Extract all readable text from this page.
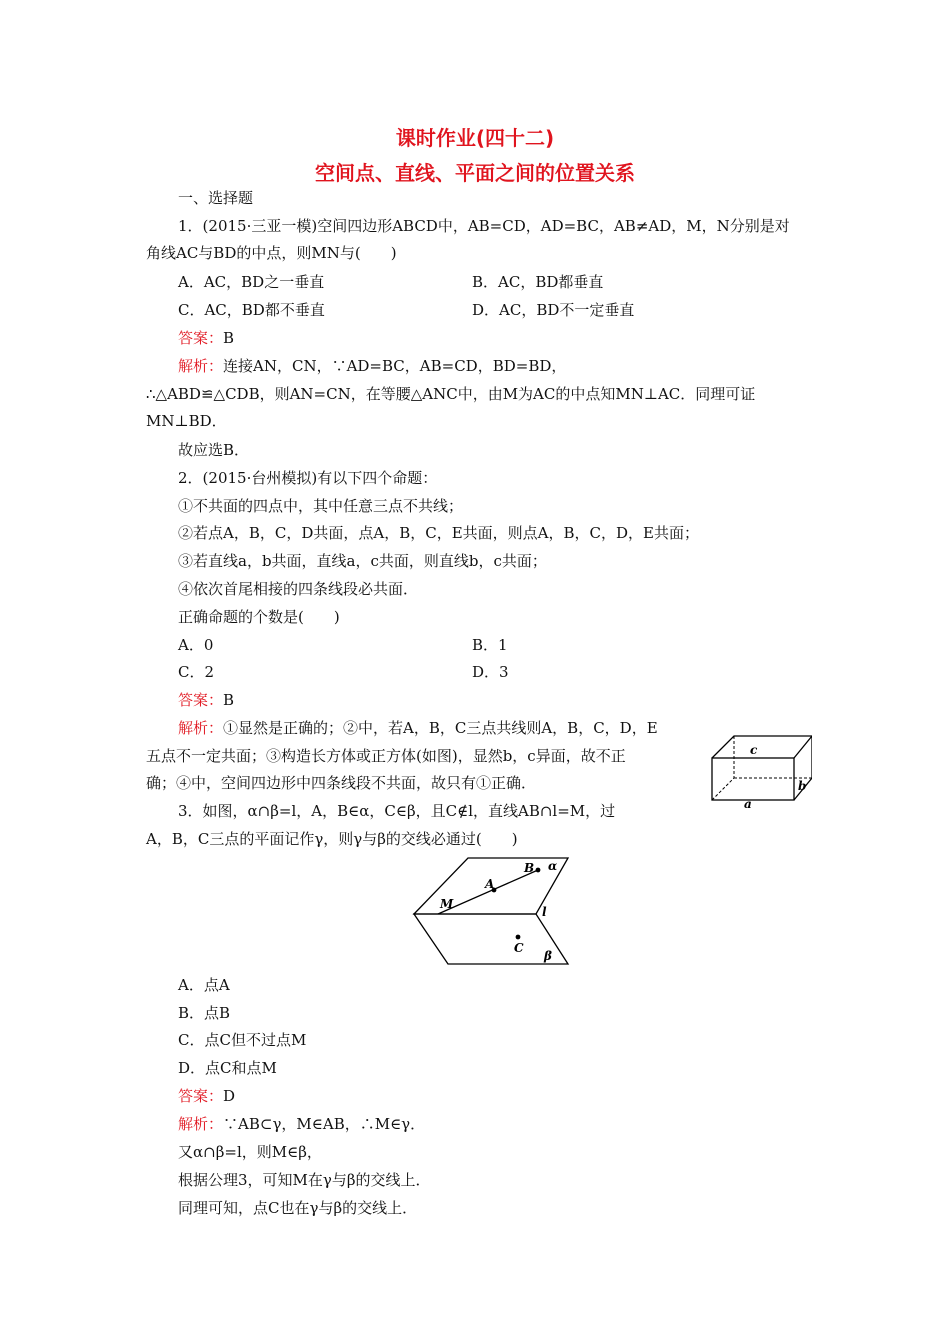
课时作业(四十二)
空间点、直线、平面之间的位置关系
一、选择题
1．(2015·三亚一模)空间四边形ABCD中，AB=CD，AD=BC，AB≠AD，M，N分别是对
角线AC与BD的中点，则MN与(　　)
A．AC，BD之一垂直	B．AC，BD都垂直
C．AC，BD都不垂直	D．AC，BD不一定垂直
答案：B
解析：连接AN，CN，∵AD=BC，AB=CD，BD=BD，
∴△ABD≌△CDB，则AN=CN，在等腰△ANC中，由M为AC的中点知MN⊥AC．同理可证
MN⊥BD．
故应选B．
2．(2015·台州模拟)有以下四个命题：
①不共面的四点中，其中任意三点不共线；
②若点A，B，C，D共面，点A，B，C，E共面，则点A，B，C，D，E共面；
③若直线a，b共面，直线a，c共面，则直线b，c共面；
④依次首尾相接的四条线段必共面．
正确命题的个数是(　　)
A．0	B．1
C．2	D．3
答案：B
解析：①显然是正确的；②中，若A，B，C三点共线则A，B，C，D，E
五点不一定共面；③构造长方体或正方体(如图)，显然b，c异面，故不正
确；④中，空间四边形中四条线段不共面，故只有①正确．
c
b
a
3．如图，α∩β=l，A，B∈α，C∈β，且C∉l，直线AB∩l=M，过
A，B，C三点的平面记作γ，则γ与β的交线必通过(　　)
B α
A
M
l
C
β
A．点A
B．点B
C．点C但不过点M
D．点C和点M
答案：D
解析：∵AB⊂γ，M∈AB，∴M∈γ．
又α∩β=l，则M∈β，
根据公理3，可知M在γ与β的交线上．
同理可知，点C也在γ与β的交线上．
